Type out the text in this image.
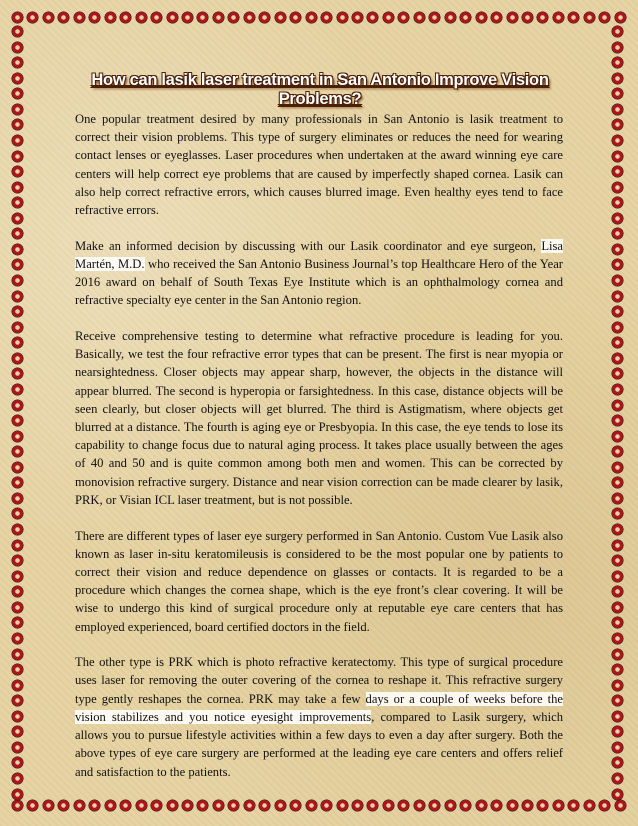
How can lasik laser treatment in San Antonio Improve Vision Problems?

One popular treatment desired by many professionals in San Antonio is lasik treatment to correct their vision problems. This type of surgery eliminates or reduces the need for wearing contact lenses or eyeglasses. Laser procedures when undertaken at the award winning eye care centers will help correct eye problems that are caused by imperfectly shaped cornea. Lasik can also help correct refractive errors, which causes blurred image. Even healthy eyes tend to face refractive errors.

Make an informed decision by discussing with our Lasik coordinator and eye surgeon, Lisa Martén, M.D. who received the San Antonio Business Journal’s top Healthcare Hero of the Year 2016 award on behalf of South Texas Eye Institute which is an ophthalmology cornea and refractive specialty eye center in the San Antonio region.

Receive comprehensive testing to determine what refractive procedure is leading for you. Basically, we test the four refractive error types that can be present. The first is near myopia or nearsightedness. Closer objects may appear sharp, however, the objects in the distance will appear blurred. The second is hyperopia or farsightedness. In this case, distance objects will be seen clearly, but closer objects will get blurred. The third is Astigmatism, where objects get blurred at a distance. The fourth is aging eye or Presbyopia. In this case, the eye tends to lose its capability to change focus due to natural aging process. It takes place usually between the ages of 40 and 50 and is quite common among both men and women. This can be corrected by monovision refractive surgery. Distance and near vision correction can be made clearer by lasik, PRK, or Visian ICL laser treatment, but is not possible.

There are different types of laser eye surgery performed in San Antonio. Custom Vue Lasik also known as laser in-situ keratomileusis is considered to be the most popular one by patients to correct their vision and reduce dependence on glasses or contacts. It is regarded to be a procedure which changes the cornea shape, which is the eye front’s clear covering. It will be wise to undergo this kind of surgical procedure only at reputable eye care centers that has employed experienced, board certified doctors in the field.

The other type is PRK which is photo refractive keratectomy. This type of surgical procedure uses laser for removing the outer covering of the cornea to reshape it. This refractive surgery type gently reshapes the cornea. PRK may take a few days or a couple of weeks before the vision stabilizes and you notice eyesight improvements, compared to Lasik surgery, which allows you to pursue lifestyle activities within a few days to even a day after surgery. Both the above types of eye care surgery are performed at the leading eye care centers and offers relief and satisfaction to the patients.
